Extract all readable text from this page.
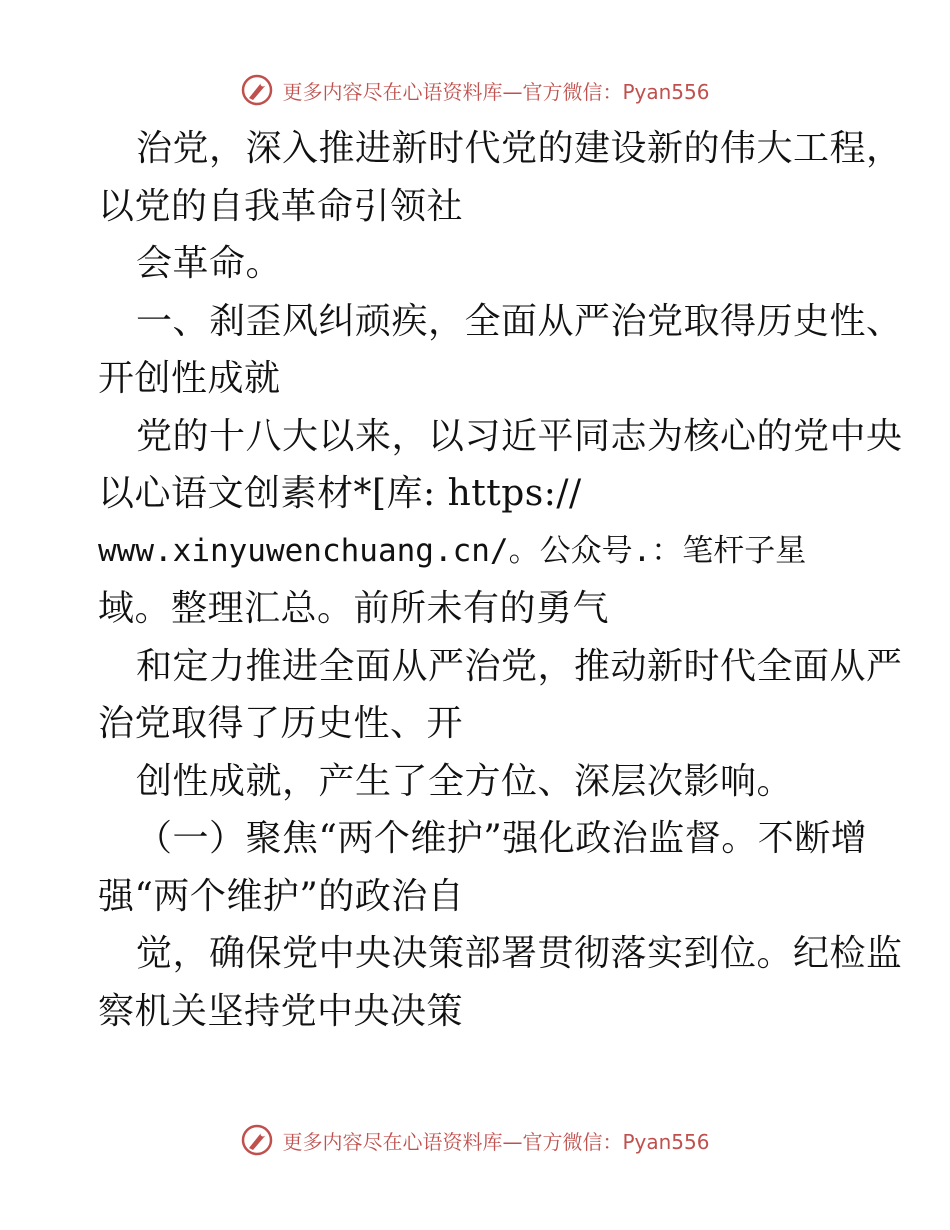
更多内容尽在心语资料库—官方微信：Pyan556
治党，深入推进新时代党的建设新的伟大工程，
以党的自我革命引领社
会革命。
一、刹歪风纠顽疾，全面从严治党取得历史性、
开创性成就
党的十八大以来，以习近平同志为核心的党中央
以心语文创素材*[库: https://
www.xinyuwenchuang.cn/。公众号.：笔杆子星
域。整理汇总。前所未有的勇气
和定力推进全面从严治党，推动新时代全面从严
治党取得了历史性、开
创性成就，产生了全方位、深层次影响。
（一）聚焦“两个维护”强化政治监督。不断增
强“两个维护”的政治自
觉，确保党中央决策部署贯彻落实到位。纪检监
察机关坚持党中央决策
更多内容尽在心语资料库—官方微信：Pyan556
